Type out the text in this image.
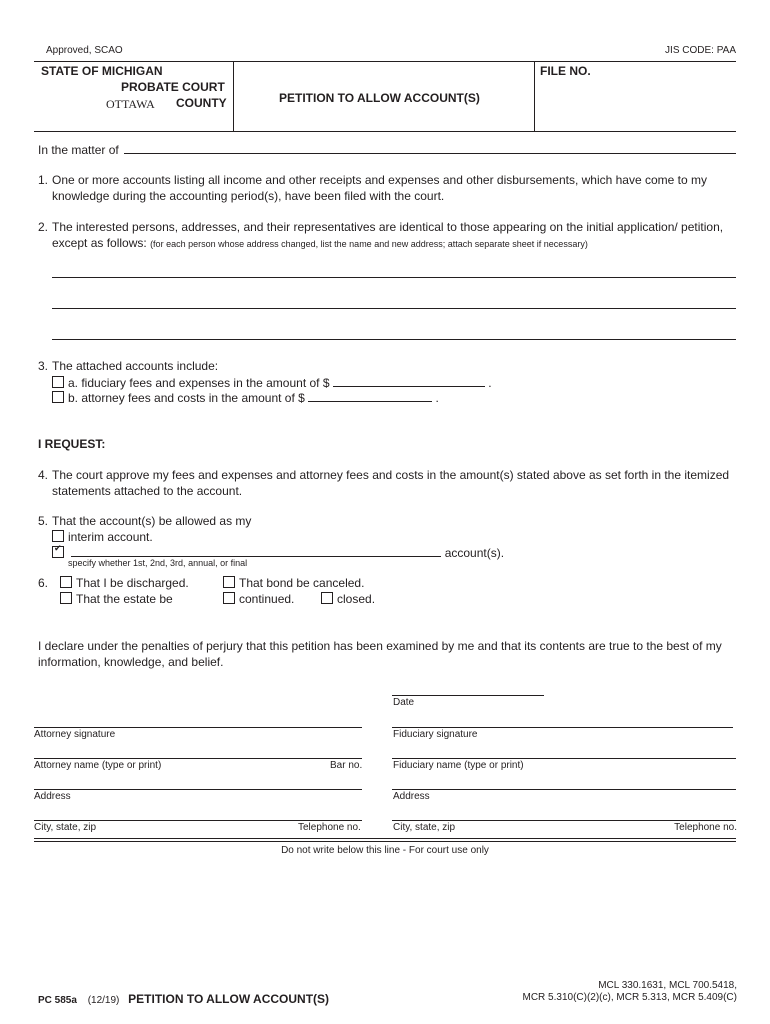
Approved, SCAO	JIS CODE: PAA
STATE OF MICHIGAN
PROBATE COURT
OTTAWA COUNTY	PETITION TO ALLOW ACCOUNT(S)
FILE NO.
In the matter of
1. One or more accounts listing all income and other receipts and expenses and other disbursements, which have come to my knowledge during the accounting period(s), have been filed with the court.
2. The interested persons, addresses, and their representatives are identical to those appearing on the initial application/ petition, except as follows: (for each person whose address changed, list the name and new address; attach separate sheet if necessary)
3. The attached accounts include:
a. fiduciary fees and expenses in the amount of $	.
b. attorney fees and costs in the amount of $	.
I REQUEST:
4. The court approve my fees and expenses and attorney fees and costs in the amount(s) stated above as set forth in the itemized statements attached to the account.
5. That the account(s) be allowed as my
interim account.
✔  account(s).
specify whether 1st, 2nd, 3rd, annual, or final
6.	That I be discharged.	That bond be canceled.
That the estate be	continued.	closed.
I declare under the penalties of perjury that this petition has been examined by me and that its contents are true to the best of my information, knowledge, and belief.
Date
Attorney signature	Fiduciary signature
Attorney name (type or print)	Bar no.	Fiduciary name (type or print)
Address	Address
City, state, zip	Telephone no.	City, state, zip	Telephone no.
Do not write below this line - For court use only
PC 585a (12/19) PETITION TO ALLOW ACCOUNT(S)
MCL 330.1631, MCL 700.5418,
MCR 5.310(C)(2)(c), MCR 5.313, MCR 5.409(C)
